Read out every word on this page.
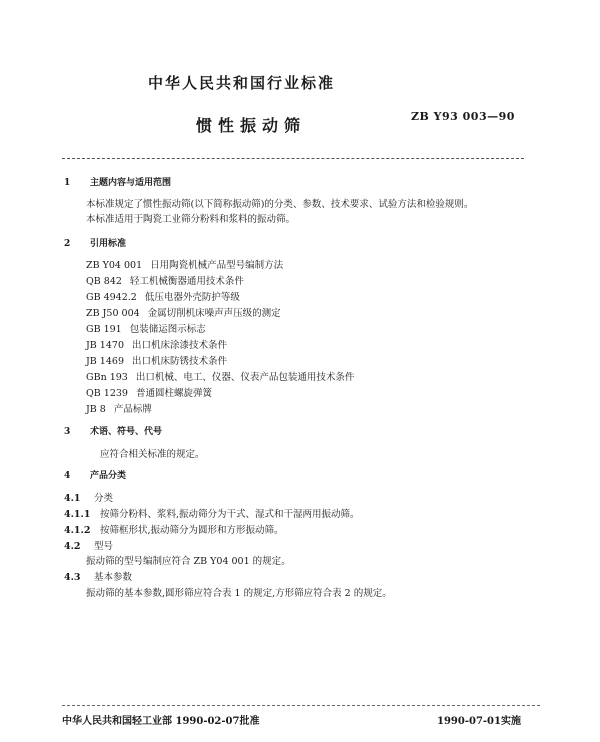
中华人民共和国行业标准
惯性振动筛	ZB Y93 003—90
1 主题内容与适用范围
本标准规定了惯性振动筛(以下简称振动筛)的分类、参数、技术要求、试验方法和检验规则。
本标准适用于陶瓷工业筛分粉料和浆料的振动筛。
2 引用标准
ZB Y04 001 日用陶瓷机械产品型号编制方法
QB 842 轻工机械衡器通用技术条件
GB 4942.2 低压电器外壳防护等级
ZB J50 004 金属切削机床噪声声压级的测定
GB 191 包装储运图示标志
JB 1470 出口机床涂漆技术条件
JB 1469 出口机床防锈技术条件
GBn 193 出口机械、电工、仪器、仪表产品包装通用技术条件
QB 1239 普通圆柱螺旋弹簧
JB 8 产品标牌
3 术语、符号、代号
应符合相关标准的规定。
4 产品分类
4.1 分类
4.1.1 按筛分粉料、浆料,振动筛分为干式、湿式和干湿两用振动筛。
4.1.2 按筛框形状,振动筛分为圆形和方形振动筛。
4.2 型号
振动筛的型号编制应符合 ZB Y04 001 的规定。
4.3 基本参数
振动筛的基本参数,圆形筛应符合表 1 的规定,方形筛应符合表 2 的规定。
中华人民共和国轻工业部 1990-02-07批准	1990-07-01实施
